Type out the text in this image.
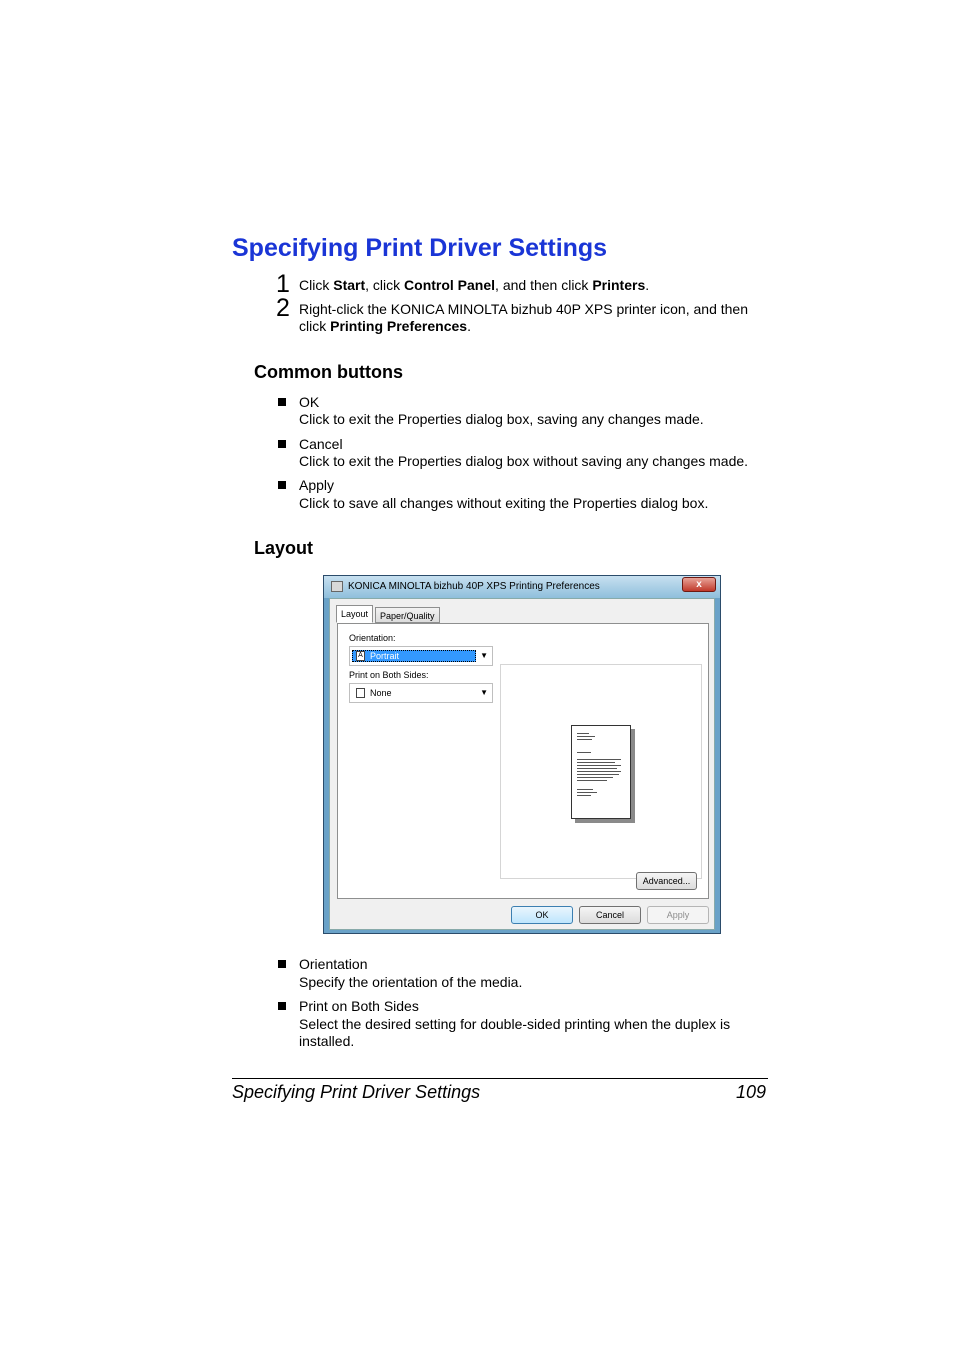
Specifying Print Driver Settings
1 Click Start, click Control Panel, and then click Printers.
2 Right-click the KONICA MINOLTA bizhub 40P XPS printer icon, and then
click Printing Preferences.
Common buttons
OK
Click to exit the Properties dialog box, saving any changes made.
Cancel
Click to exit the Properties dialog box without saving any changes made.
Apply
Click to save all changes without exiting the Properties dialog box.
Layout
KONICA MINOLTA bizhub 40P XPS Printing Preferences	x
Layout	Paper/Quality
Orientation:
A Portrait	▼
Print on Both Sides:
None	▼
Advanced...
OK	Cancel	Apply
Orientation
Specify the orientation of the media.
Print on Both Sides
Select the desired setting for double-sided printing when the duplex is
installed.
Specifying Print Driver Settings	109
